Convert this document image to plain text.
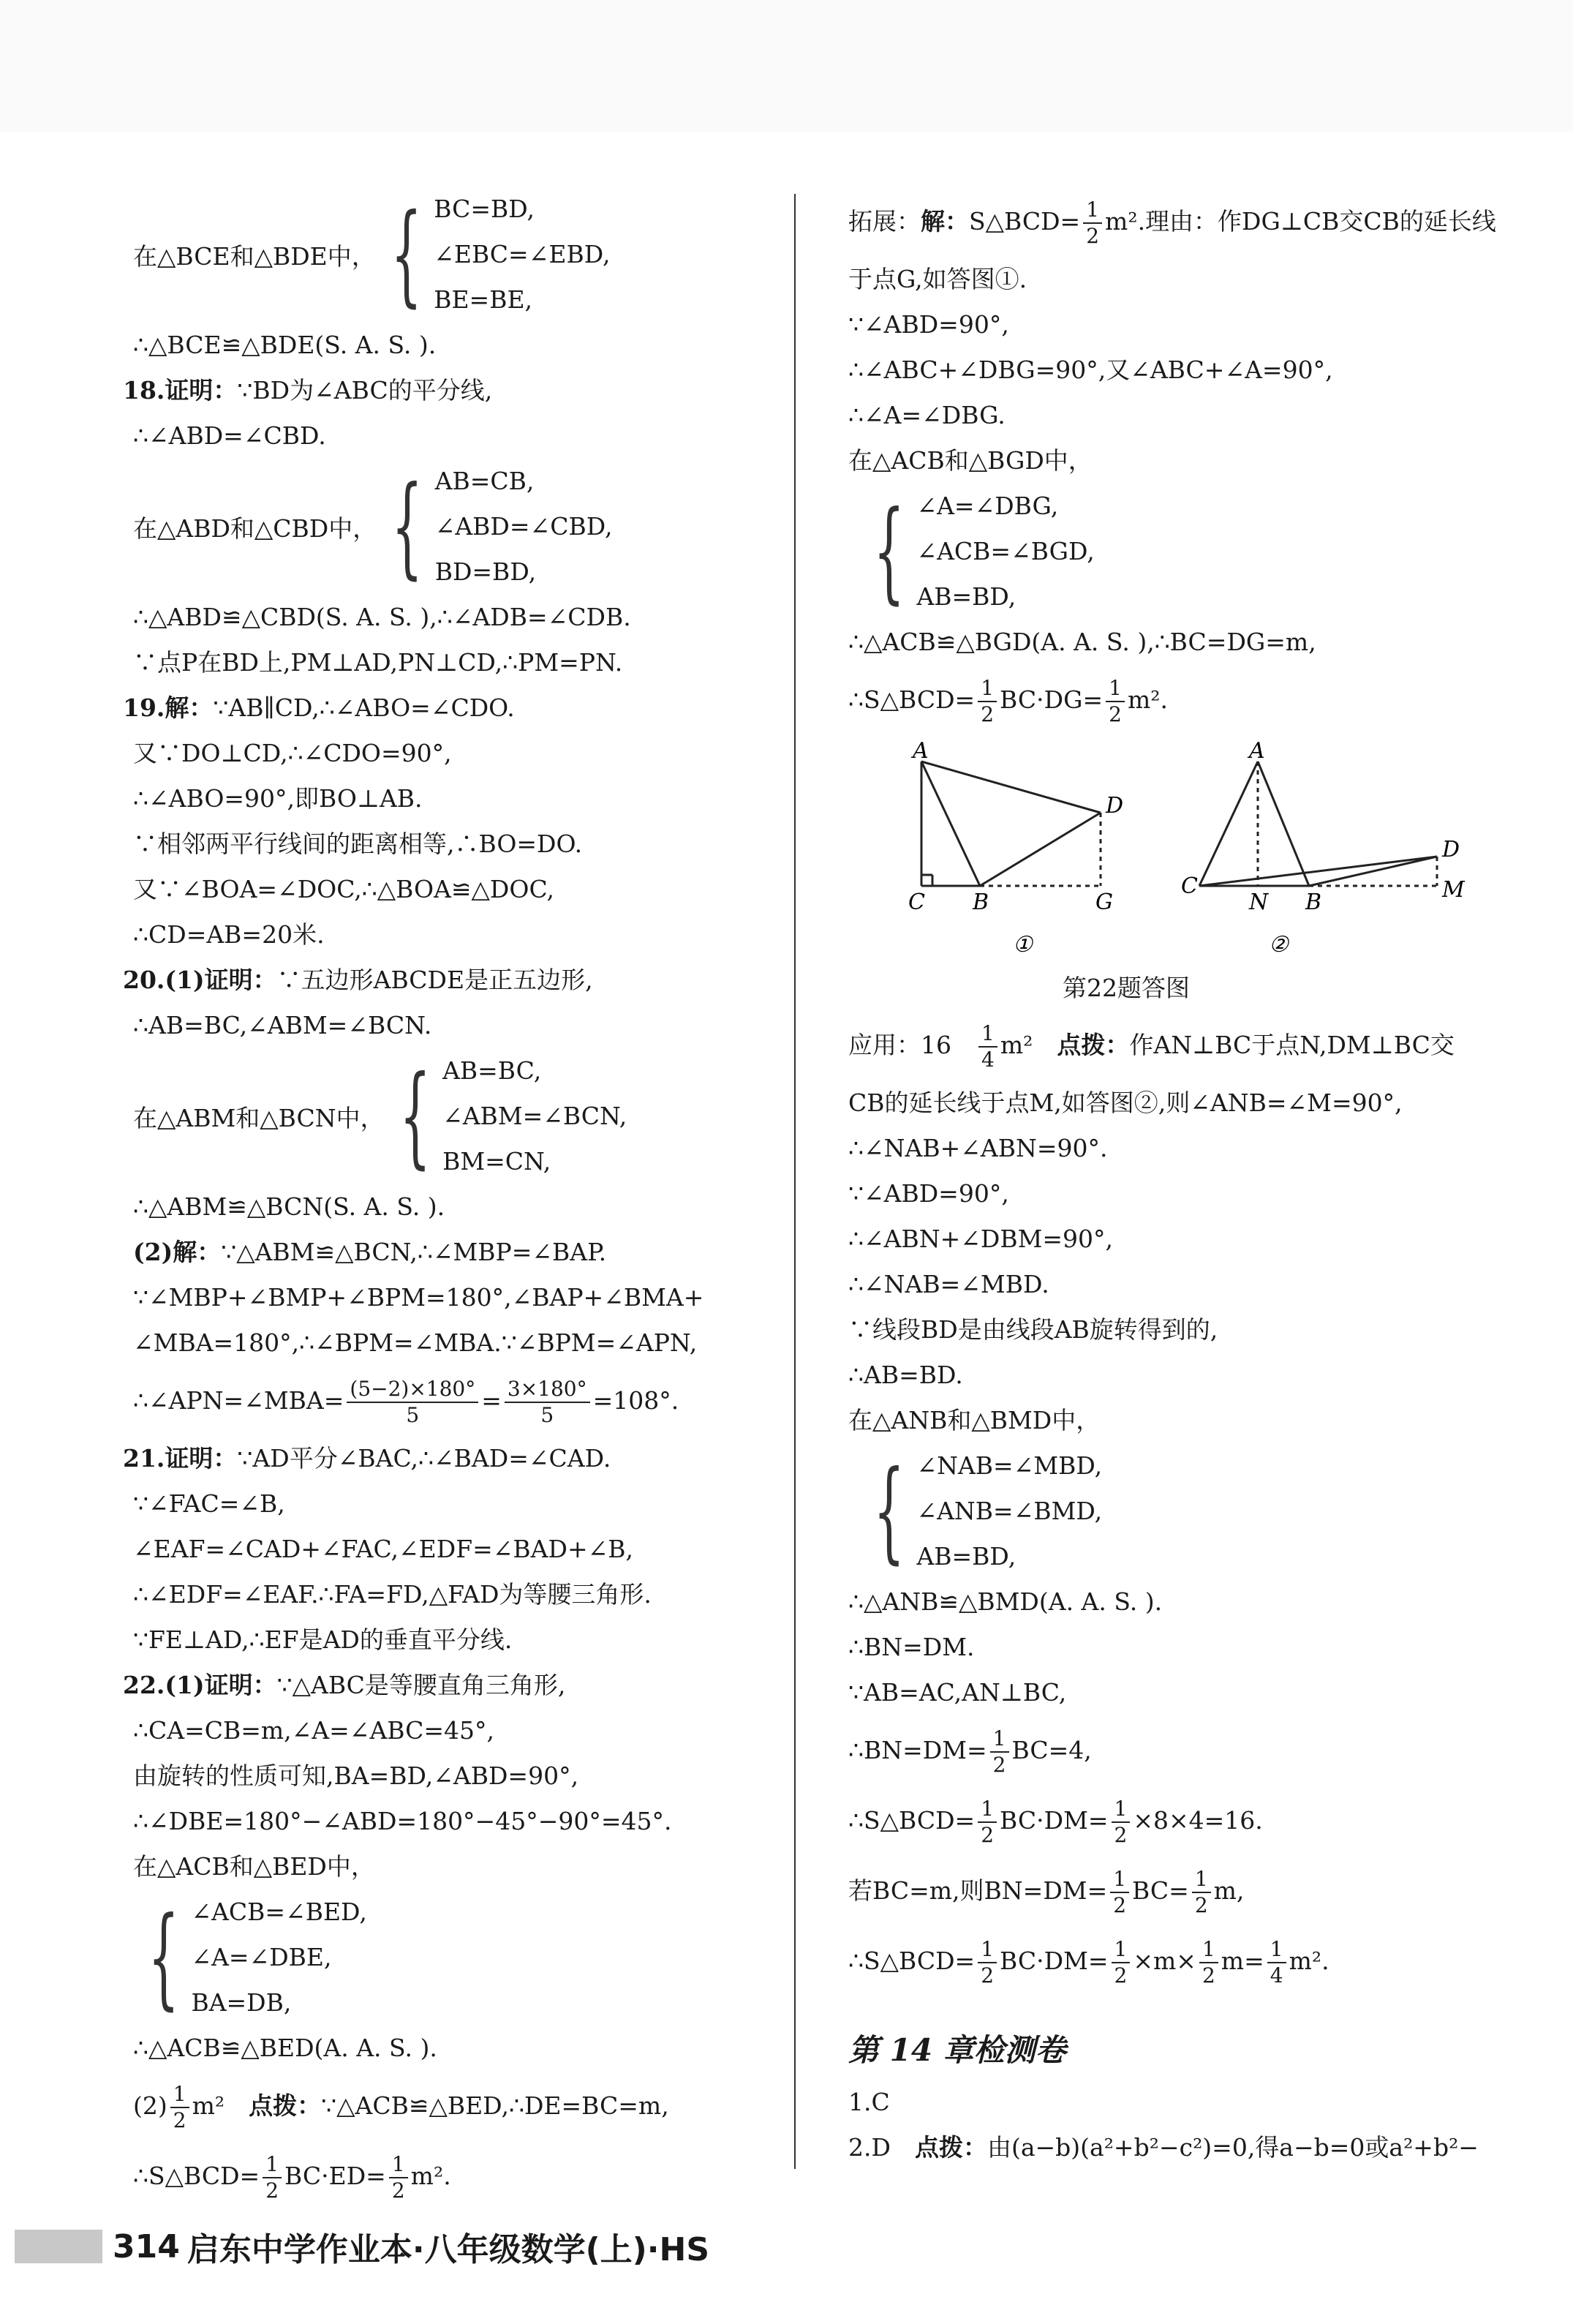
在△BCE和△BDE中， { BC=BD,
∠EBC=∠EBD,
BE=BE,
∴△BCE≌△BDE(S. A. S. ).
18.证明：∵BD为∠ABC的平分线,
∴∠ABD=∠CBD.
在△ABD和△CBD中， { AB=CB,
∠ABD=∠CBD,
BD=BD,
∴△ABD≌△CBD(S. A. S. ),∴∠ADB=∠CDB.
∵点P在BD上,PM⊥AD,PN⊥CD,∴PM=PN.
19.解：∵AB∥CD,∴∠ABO=∠CDO.
又∵DO⊥CD,∴∠CDO=90°,
∴∠ABO=90°,即BO⊥AB.
∵相邻两平行线间的距离相等,∴BO=DO.
又∵∠BOA=∠DOC,∴△BOA≌△DOC,
∴CD=AB=20米.
20.(1)证明：∵五边形ABCDE是正五边形,
∴AB=BC,∠ABM=∠BCN.
在△ABM和△BCN中， { AB=BC,
∠ABM=∠BCN,
BM=CN,
∴△ABM≌△BCN(S. A. S. ).
(2)解：∵△ABM≌△BCN,∴∠MBP=∠BAP.
∵∠MBP+∠BMP+∠BPM=180°,∠BAP+∠BMA+
∠MBA=180°,∴∠BPM=∠MBA.∵∠BPM=∠APN,
∴∠APN=∠MBA= $\frac{(5-2)\times 180^\circ}{5} = \frac{3\times 180^\circ}{5} =108^\circ$.
21.证明：∵AD平分∠BAC,∴∠BAD=∠CAD.
∵∠FAC=∠B,
∠EAF=∠CAD+∠FAC,∠EDF=∠BAD+∠B,
∴∠EDF=∠EAF.∴FA=FD,△FAD为等腰三角形.
∵FE⊥AD,∴EF是AD的垂直平分线.
22.(1)证明：∵△ABC是等腰直角三角形,
∴CA=CB=m,∠A=∠ABC=45°,
由旋转的性质可知,BA=BD,∠ABD=90°,
∴∠DBE=180°−∠ABD=180°−45°−90°=45°.
在△ACB和△BED中，
{ ∠ACB=∠BED,
∠A=∠DBE,
BA=DB,
∴△ACB≌△BED(A. A. S. ).
$(2) \frac{1}{2} m^2$　点拨：∵△ACB≌△BED,∴DE=BC=m,
∴S△BCD= $\frac{1}{2} BC\cdot ED= \frac{1}{2} m^2$.
拓展：解：S△BCD= $\frac{1}{2} m^2$.理由：作DG⊥CB交CB的延长线
于点G,如答图①.
∵∠ABD=90°,
∴∠ABC+∠DBG=90°,又∠ABC+∠A=90°,
∴∠A=∠DBG.
在△ACB和△BGD中，
{ ∠A=∠DBG,
∠ACB=∠BGD,
AB=BD,
∴△ACB≌△BGD(A. A. S. ),∴BC=DG=m,
∴S△BCD= $\frac{1}{2} BC\cdot DG= \frac{1}{2} m^2$.
A
D
C B	G
A
D
C
N B	M
①	②
第22题答图
应用：16　 $\frac{1}{4} m^2$　点拨：作AN⊥BC于点N,DM⊥BC交
CB的延长线于点M,如答图②,则∠ANB=∠M=90°,
∴∠NAB+∠ABN=90°.
∵∠ABD=90°,
∴∠ABN+∠DBM=90°,
∴∠NAB=∠MBD.
∵线段BD是由线段AB旋转得到的,
∴AB=BD.
在△ANB和△BMD中，
{ ∠NAB=∠MBD,
∠ANB=∠BMD,
AB=BD,
∴△ANB≌△BMD(A. A. S. ).
∴BN=DM.
∵AB=AC,AN⊥BC,
∴BN=DM= $\frac{1}{2} BC=4$,
∴S△BCD= $\frac{1}{2} BC\cdot DM= \frac{1}{2} \times 8\times 4=16$.
若BC=m,则$BN=DM= \frac{1}{2} BC= \frac{1}{2} m$,
∴S△BCD= $\frac{1}{2} BC\cdot DM= \frac{1}{2} \times m\times \frac{1}{2} m= \frac{1}{4} m^2$.
第 14 章检测卷
1.C
2.D　点拨：由(a−b)(a²+b²−c²)=0,得a−b=0或a²+b²−
314 启东中学作业本·八年级数学(上)·HS
